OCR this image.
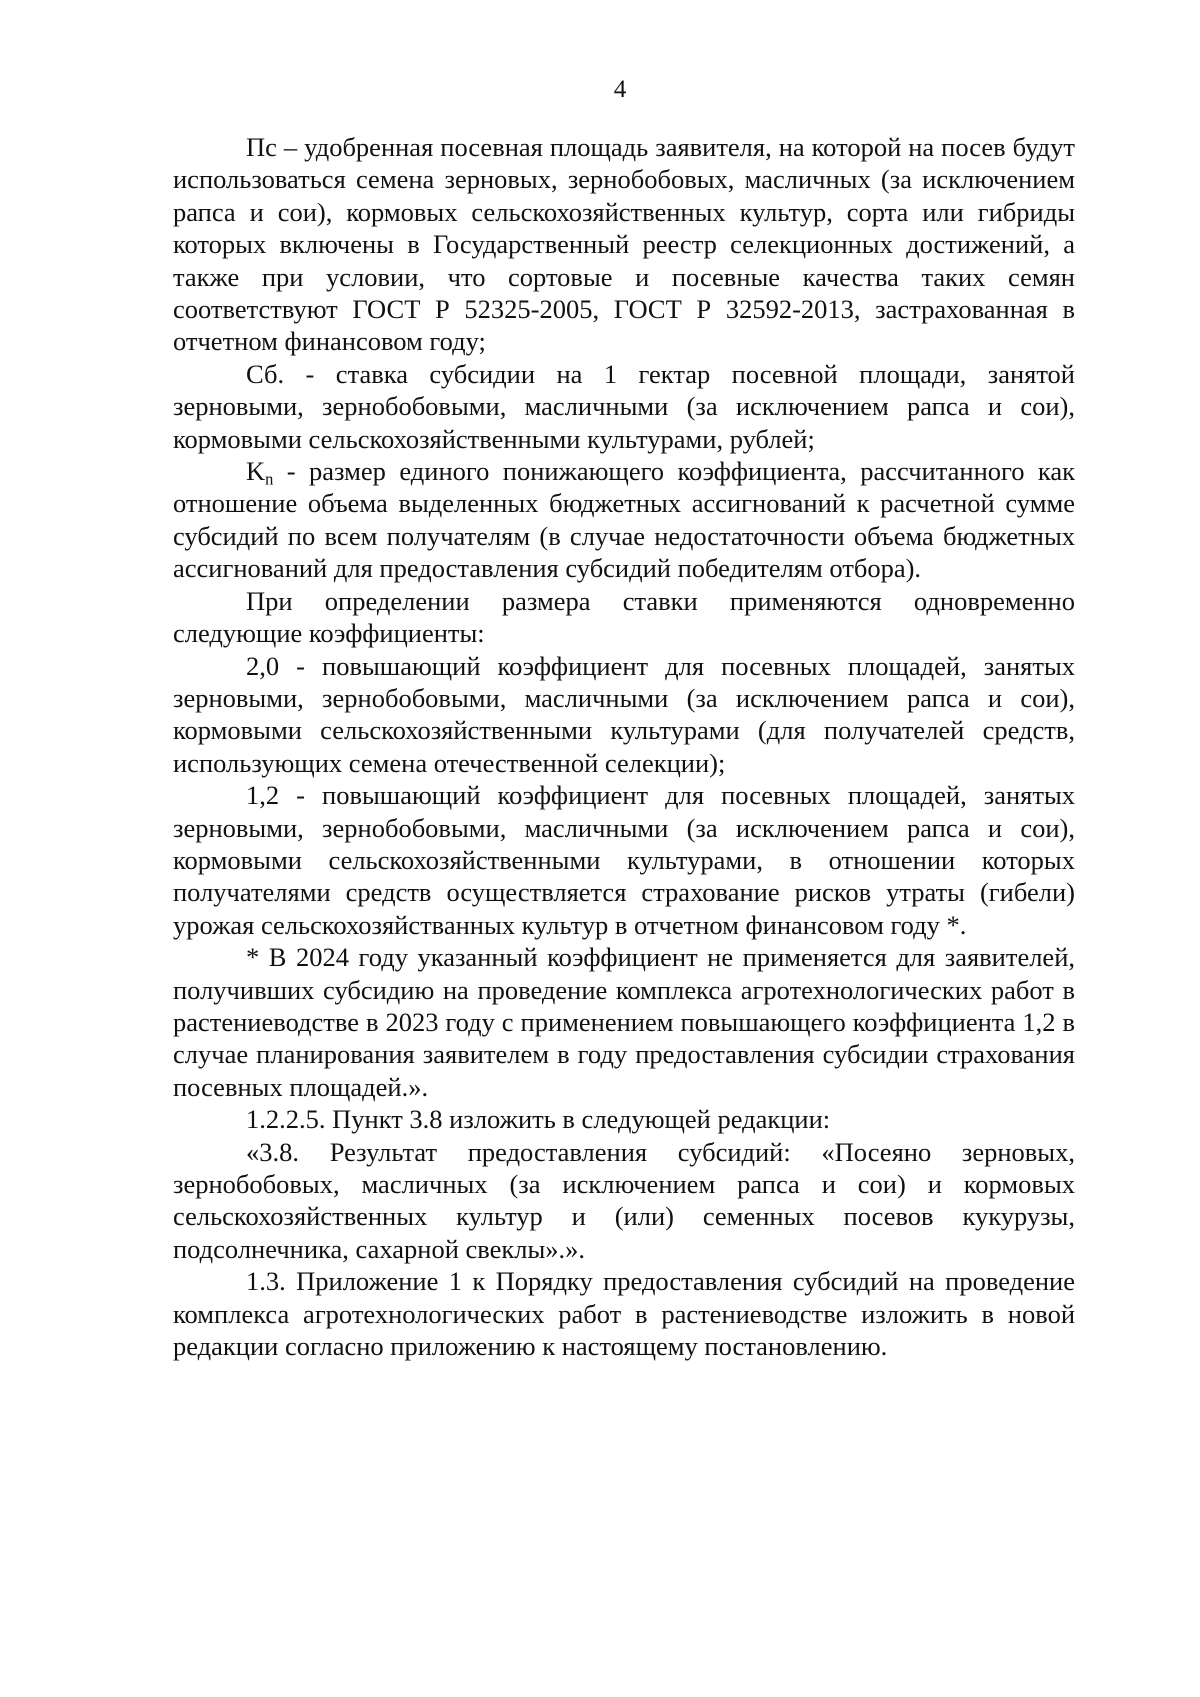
4

Пс – удобренная посевная площадь заявителя, на которой на посев будут использоваться семена зерновых, зернобобовых, масличных (за исключением рапса и сои), кормовых сельскохозяйственных культур, сорта или гибриды которых включены в Государственный реестр селекционных достижений, а также при условии, что сортовые и посевные качества таких семян соответствуют ГОСТ Р 52325-2005, ГОСТ Р 32592-2013, застрахованная в отчетном финансовом году;

Сб. - ставка субсидии на 1 гектар посевной площади, занятой зерновыми, зернобобовыми, масличными (за исключением рапса и сои), кормовыми сельскохозяйственными культурами, рублей;

$K_n$ - размер единого понижающего коэффициента, рассчитанного как отношение объема выделенных бюджетных ассигнований к расчетной сумме субсидий по всем получателям (в случае недостаточности объема бюджетных ассигнований для предоставления субсидий победителям отбора).

При определении размера ставки применяются одновременно следующие коэффициенты:

2,0 - повышающий коэффициент для посевных площадей, занятых зерновыми, зернобобовыми, масличными (за исключением рапса и сои), кормовыми сельскохозяйственными культурами (для получателей средств, использующих семена отечественной селекции);

1,2 - повышающий коэффициент для посевных площадей, занятых зерновыми, зернобобовыми, масличными (за исключением рапса и сои), кормовыми сельскохозяйственными культурами, в отношении которых получателями средств осуществляется страхование рисков утраты (гибели) урожая сельскохозяйстванных культур в отчетном финансовом году *.

* В 2024 году указанный коэффициент не применяется для заявителей, получивших субсидию на проведение комплекса агротехнологических работ в растениеводстве в 2023 году с применением повышающего коэффициента 1,2 в случае планирования заявителем в году предоставления субсидии страхования посевных площадей.».

1.2.2.5. Пункт 3.8 изложить в следующей редакции:

«3.8. Результат предоставления субсидий: «Посеяно зерновых, зернобобовых, масличных (за исключением рапса и сои) и кормовых сельскохозяйственных культур и (или) семенных посевов кукурузы, подсолнечника, сахарной свеклы».».

1.3. Приложение 1 к Порядку предоставления субсидий на проведение комплекса агротехнологических работ в растениеводстве изложить в новой редакции согласно приложению к настоящему постановлению.
